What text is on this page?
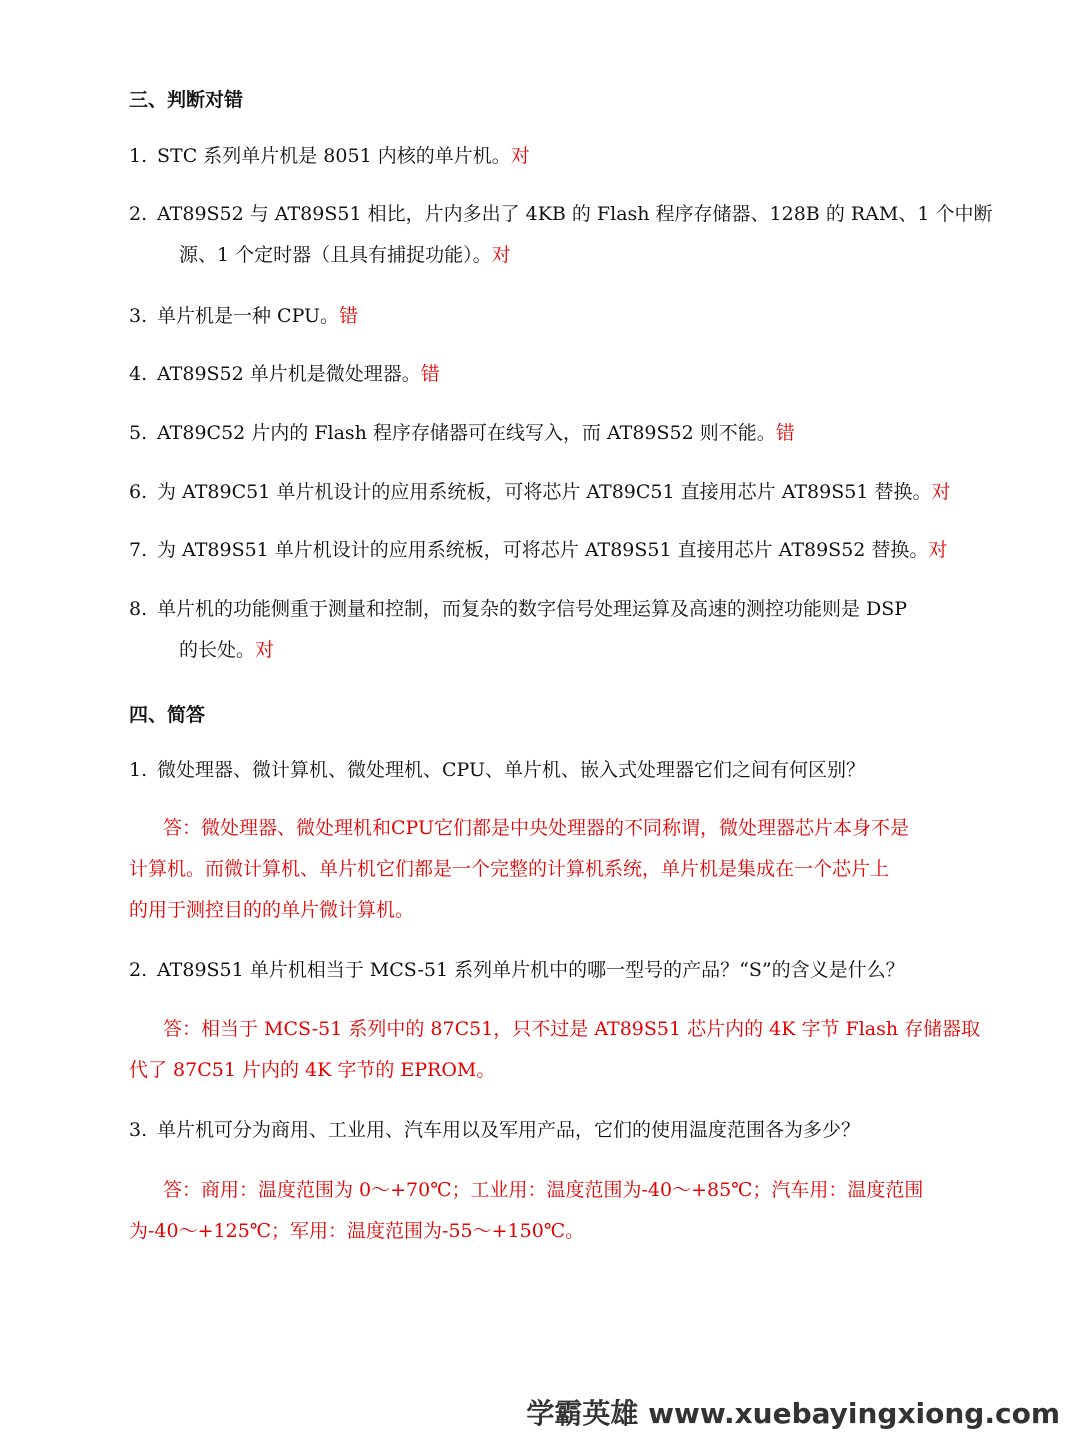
三、判断对错
1. STC 系列单片机是 8051 内核的单片机。对
2. AT89S52 与 AT89S51 相比，片内多出了 4KB 的 Flash 程序存储器、128B 的 RAM、1 个中断
源、1 个定时器（且具有捕捉功能）。对
3. 单片机是一种 CPU。错
4. AT89S52 单片机是微处理器。错
5. AT89C52 片内的 Flash 程序存储器可在线写入，而 AT89S52 则不能。错
6. 为 AT89C51 单片机设计的应用系统板，可将芯片 AT89C51 直接用芯片 AT89S51 替换。对
7. 为 AT89S51 单片机设计的应用系统板，可将芯片 AT89S51 直接用芯片 AT89S52 替换。对
8. 单片机的功能侧重于测量和控制，而复杂的数字信号处理运算及高速的测控功能则是 DSP
的长处。对
四、简答
1. 微处理器、微计算机、微处理机、CPU、单片机、嵌入式处理器它们之间有何区别？
答：微处理器、微处理机和CPU它们都是中央处理器的不同称谓，微处理器芯片本身不是
计算机。而微计算机、单片机它们都是一个完整的计算机系统，单片机是集成在一个芯片上
的用于测控目的的单片微计算机。
2. AT89S51 单片机相当于 MCS-51 系列单片机中的哪一型号的产品？“S”的含义是什么？
答：相当于 MCS-51 系列中的 87C51，只不过是 AT89S51 芯片内的 4K 字节 Flash 存储器取
代了 87C51 片内的 4K 字节的 EPROM。
3. 单片机可分为商用、工业用、汽车用以及军用产品，它们的使用温度范围各为多少？
答：商用：温度范围为 0～+70℃；工业用：温度范围为-40～+85℃；汽车用：温度范围
为-40～+125℃；军用：温度范围为-55～+150℃。
学霸英雄 www.xuebayingxiong.com
